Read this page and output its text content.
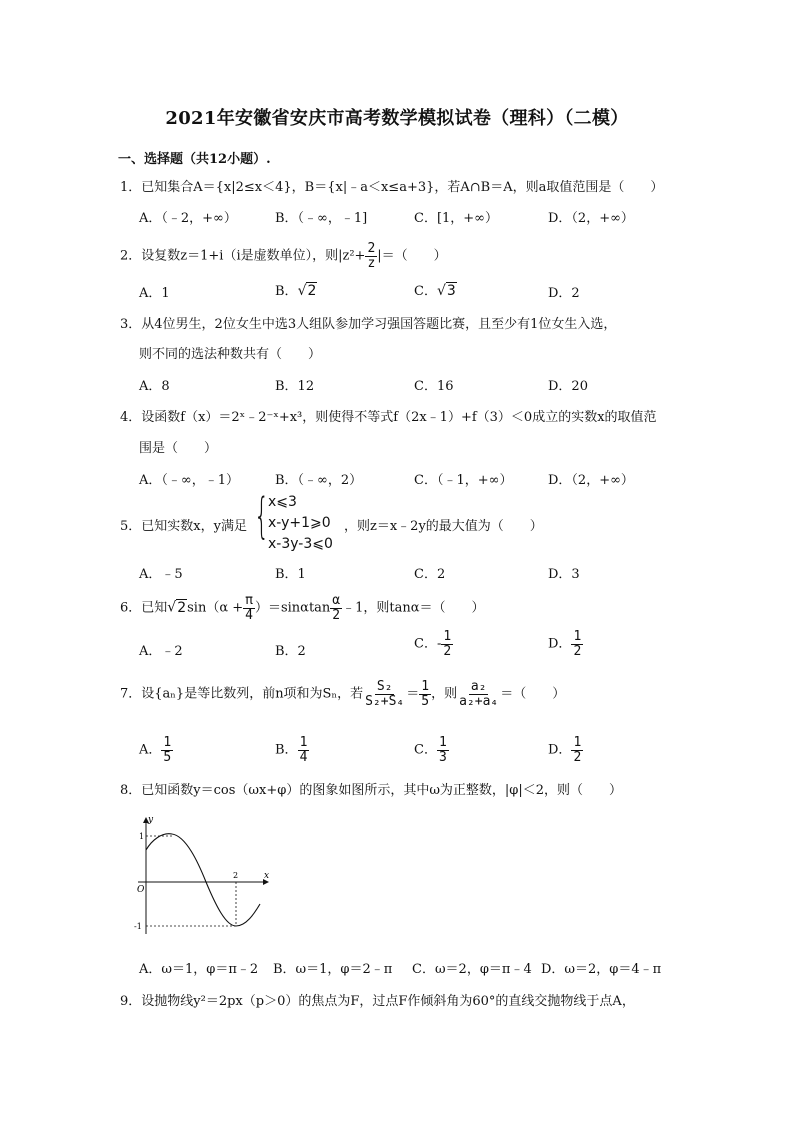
2021年安徽省安庆市高考数学模拟试卷（理科）（二模）
一、选择题（共12小题）.
1．已知集合A＝{x|2≤x＜4}，B＝{x|﹣a＜x≤a+3}，若A∩B＝A，则a取值范围是（　　）
A．（﹣2，+∞）	B．（﹣∞，﹣1]	C．[1，+∞）	D．（2，+∞）
2．设复数z＝1+i（i是虚数单位），则$|z^2+ \frac{2}{z}$ |＝（　　）
A．1	B．√2	C．√3	D．2
3．从4位男生，2位女生中选3人组队参加学习强国答题比赛，且至少有1位女生入选，
则不同的选法种数共有（　　）
A．8	B．12	C．16	D．20
4．设函数f（x）＝2ˣ﹣2⁻ˣ+x³，则使得不等式f（2x﹣1）+f（3）＜0成立的实数x的取值范
围是（　　）
A．（﹣∞，﹣1）	B．（﹣∞，2）	C．（﹣1，+∞）	D．（2，+∞）
5．已知实数x，y满足 {
x⩽3
x-y+1⩾0
x-3y-3⩽0
，则z＝x﹣2y的最大值为（　　）
A．﹣5	B．1	C．2	D．3
6．已知$√2\sin(\alpha + \frac{\pi}{4} )=\sin\alpha\tan \frac{\alpha}{2}$ ﹣1，则tanα＝（　　）
A．﹣2	B．2	C．- $\frac{1}{2}$	D． $\frac{1}{2}$
7．设{aₙ}是等比数列，前n项和为Sₙ，若 $\frac{\text{S₂}}{\text{S₂+S₄}} = \frac{1}{5}$ ，则 $\frac{\text{a₂}}{\text{a₂+a₄}}$ ＝（　　）
A． $\frac{1}{5}$	B． $\frac{1}{4}$	C． $\frac{1}{3}$	D． $\frac{1}{2}$
8．已知函数y＝cos（ωx+φ）的图象如图所示，其中ω为正整数，|φ|＜2，则（　　）
y
x
O
1
-1
2
A．ω＝1，φ＝π﹣2 B．ω＝1，φ＝2﹣π C．ω＝2，φ＝π﹣4 D．ω＝2，φ＝4﹣π
9．设抛物线y²＝2px（p＞0）的焦点为F，过点F作倾斜角为60°的直线交抛物线于点A，
